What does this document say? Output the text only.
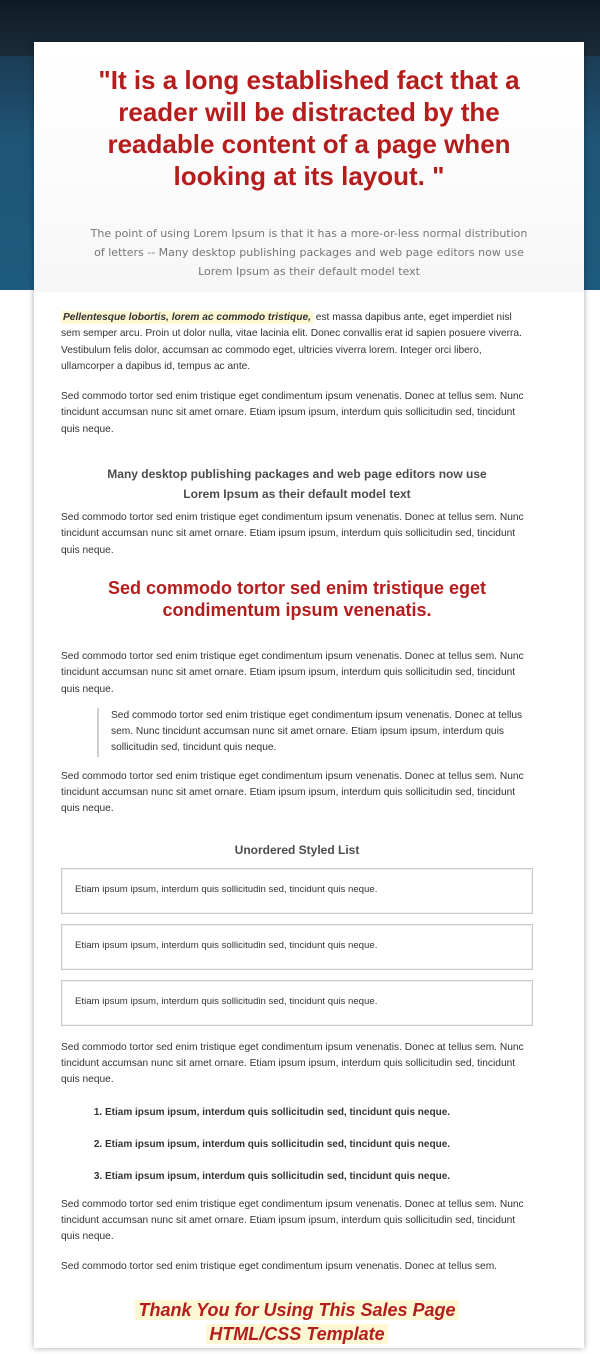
"It is a long established fact that a reader will be distracted by the readable content of a page when looking at its layout. "

The point of using Lorem Ipsum is that it has a more-or-less normal distribution of letters -- Many desktop publishing packages and web page editors now use Lorem Ipsum as their default model text

Pellentesque lobortis, lorem ac commodo tristique, est massa dapibus ante, eget imperdiet nisl sem semper arcu. Proin ut dolor nulla, vitae lacinia elit. Donec convallis erat id sapien posuere viverra. Vestibulum felis dolor, accumsan ac commodo eget, ultricies viverra lorem. Integer orci libero, ullamcorper a dapibus id, tempus ac ante.

Sed commodo tortor sed enim tristique eget condimentum ipsum venenatis. Donec at tellus sem. Nunc tincidunt accumsan nunc sit amet ornare. Etiam ipsum ipsum, interdum quis sollicitudin sed, tincidunt quis neque.

Many desktop publishing packages and web page editors now use Lorem Ipsum as their default model text

Sed commodo tortor sed enim tristique eget condimentum ipsum venenatis. Donec at tellus sem. Nunc tincidunt accumsan nunc sit amet ornare. Etiam ipsum ipsum, interdum quis sollicitudin sed, tincidunt quis neque.

Sed commodo tortor sed enim tristique eget condimentum ipsum venenatis.

Sed commodo tortor sed enim tristique eget condimentum ipsum venenatis. Donec at tellus sem. Nunc tincidunt accumsan nunc sit amet ornare. Etiam ipsum ipsum, interdum quis sollicitudin sed, tincidunt quis neque.

Sed commodo tortor sed enim tristique eget condimentum ipsum venenatis. Donec at tellus sem. Nunc tincidunt accumsan nunc sit amet ornare. Etiam ipsum ipsum, interdum quis sollicitudin sed, tincidunt quis neque.

Sed commodo tortor sed enim tristique eget condimentum ipsum venenatis. Donec at tellus sem. Nunc tincidunt accumsan nunc sit amet ornare. Etiam ipsum ipsum, interdum quis sollicitudin sed, tincidunt quis neque.

Unordered Styled List
Etiam ipsum ipsum, interdum quis sollicitudin sed, tincidunt quis neque.
Etiam ipsum ipsum, interdum quis sollicitudin sed, tincidunt quis neque.
Etiam ipsum ipsum, interdum quis sollicitudin sed, tincidunt quis neque.

Sed commodo tortor sed enim tristique eget condimentum ipsum venenatis. Donec at tellus sem. Nunc tincidunt accumsan nunc sit amet ornare. Etiam ipsum ipsum, interdum quis sollicitudin sed, tincidunt quis neque.

1. Etiam ipsum ipsum, interdum quis sollicitudin sed, tincidunt quis neque.
2. Etiam ipsum ipsum, interdum quis sollicitudin sed, tincidunt quis neque.
3. Etiam ipsum ipsum, interdum quis sollicitudin sed, tincidunt quis neque.

Sed commodo tortor sed enim tristique eget condimentum ipsum venenatis. Donec at tellus sem. Nunc tincidunt accumsan nunc sit amet ornare. Etiam ipsum ipsum, interdum quis sollicitudin sed, tincidunt quis neque.

Sed commodo tortor sed enim tristique eget condimentum ipsum venenatis. Donec at tellus sem.

Thank You for Using This Sales Page

HTML/CSS Template
